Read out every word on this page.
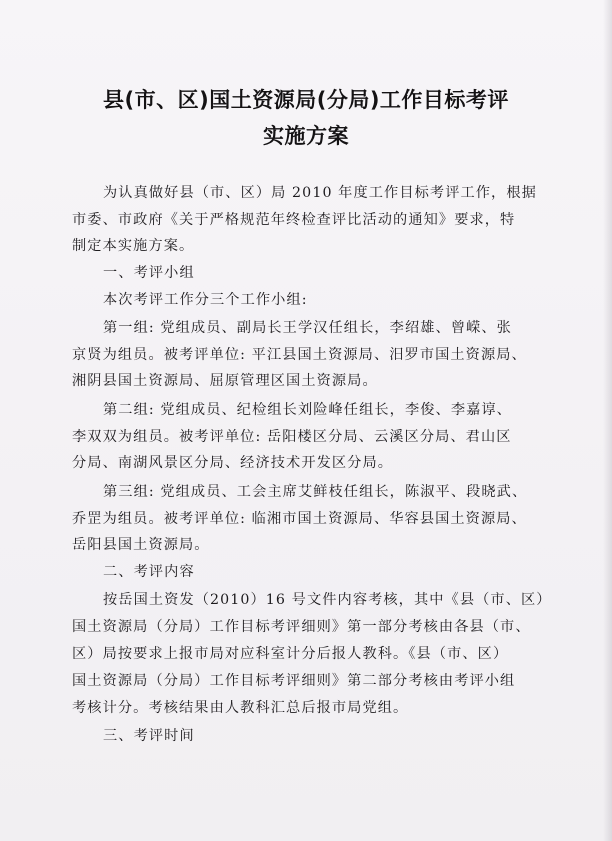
县(市、区)国土资源局(分局)工作目标考评
实施方案

为认真做好县（市、区）局 2010 年度工作目标考评工作，根据

市委、市政府《关于严格规范年终检查评比活动的通知》要求，特

制定本实施方案。

一、考评小组

本次考评工作分三个工作小组:

第一组: 党组成员、副局长王学汉任组长，李绍雄、曾嵘、张

京贤为组员。被考评单位: 平江县国土资源局、汨罗市国土资源局、

湘阴县国土资源局、屈原管理区国土资源局。

第二组: 党组成员、纪检组长刘险峰任组长，李俊、李嘉谆、

李双双为组员。被考评单位: 岳阳楼区分局、云溪区分局、君山区

分局、南湖风景区分局、经济技术开发区分局。

第三组: 党组成员、工会主席艾鲜枝任组长，陈淑平、段晓武、

乔罡为组员。被考评单位: 临湘市国土资源局、华容县国土资源局、

岳阳县国土资源局。

二、考评内容

按岳国土资发（2010）16 号文件内容考核，其中《县（市、区）

国土资源局（分局）工作目标考评细则》第一部分考核由各县（市、

区）局按要求上报市局对应科室计分后报人教科。《县（市、区）

国土资源局（分局）工作目标考评细则》第二部分考核由考评小组

考核计分。考核结果由人教科汇总后报市局党组。

三、考评时间
